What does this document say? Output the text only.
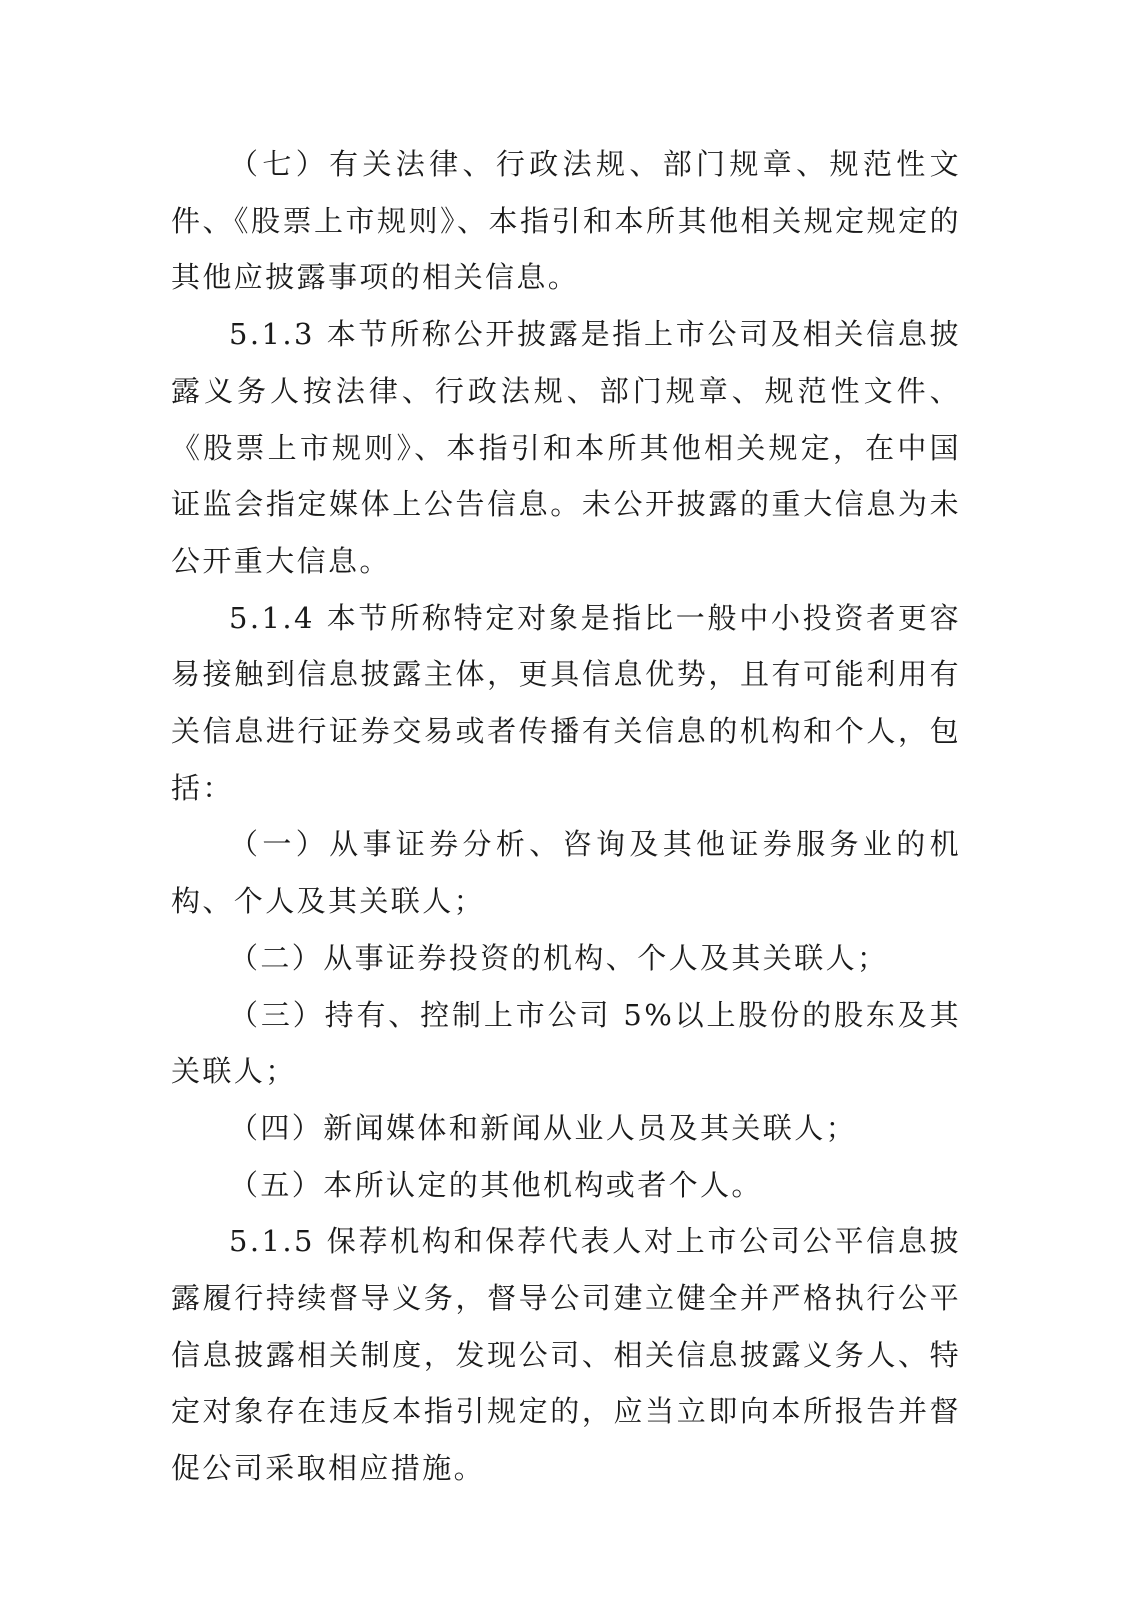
（七）有关法律、行政法规、部门规章、规范性文件、《股票上市规则》、本指引和本所其他相关规定规定的其他应披露事项的相关信息。

5.1.3 本节所称公开披露是指上市公司及相关信息披露义务人按法律、行政法规、部门规章、规范性文件、《股票上市规则》、本指引和本所其他相关规定，在中国证监会指定媒体上公告信息。未公开披露的重大信息为未公开重大信息。

5.1.4 本节所称特定对象是指比一般中小投资者更容易接触到信息披露主体，更具信息优势，且有可能利用有关信息进行证券交易或者传播有关信息的机构和个人，包括：

（一）从事证券分析、咨询及其他证券服务业的机构、个人及其关联人；

（二）从事证券投资的机构、个人及其关联人；

（三）持有、控制上市公司 5%以上股份的股东及其关联人；

（四）新闻媒体和新闻从业人员及其关联人；

（五）本所认定的其他机构或者个人。

5.1.5 保荐机构和保荐代表人对上市公司公平信息披露履行持续督导义务，督导公司建立健全并严格执行公平信息披露相关制度，发现公司、相关信息披露义务人、特定对象存在违反本指引规定的，应当立即向本所报告并督促公司采取相应措施。
